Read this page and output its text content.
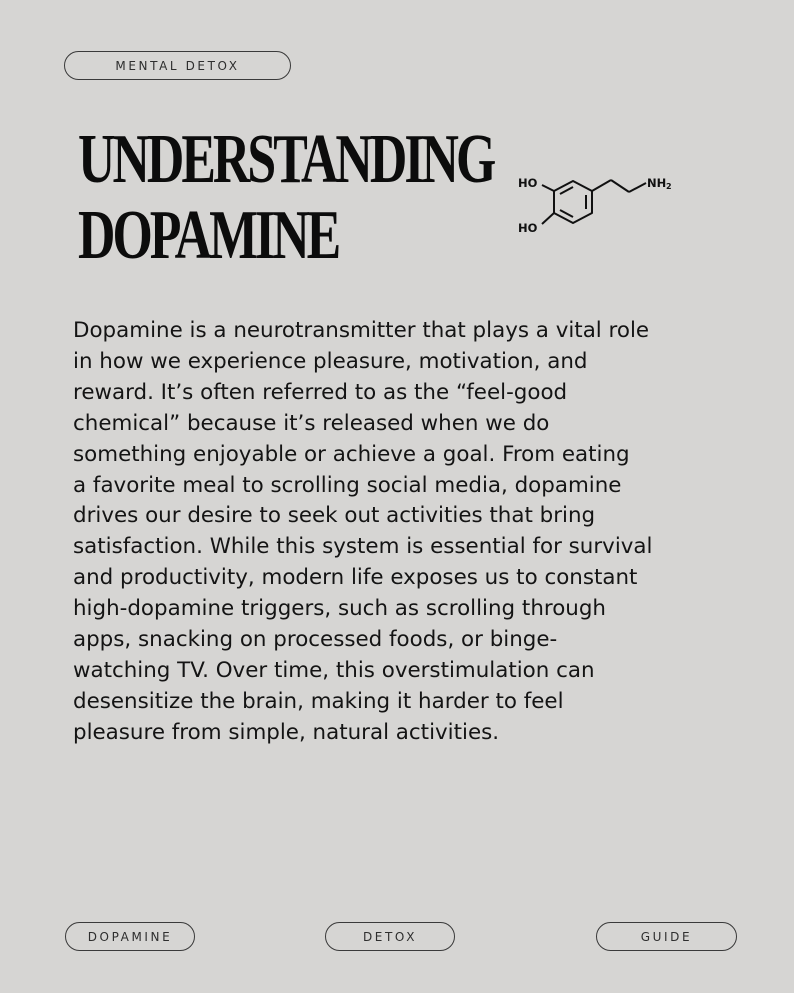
MENTAL DETOX
UNDERSTANDING
DOPAMINE
HO
HO
NH 2
Dopamine is a neurotransmitter that plays a vital role
in how we experience pleasure, motivation, and
reward. It’s often referred to as the “feel-good
chemical” because it’s released when we do
something enjoyable or achieve a goal. From eating
a favorite meal to scrolling social media, dopamine
drives our desire to seek out activities that bring
satisfaction. While this system is essential for survival
and productivity, modern life exposes us to constant
high-dopamine triggers, such as scrolling through
apps, snacking on processed foods, or binge-
watching TV. Over time, this overstimulation can
desensitize the brain, making it harder to feel
pleasure from simple, natural activities.
DOPAMINE	DETOX	GUIDE
